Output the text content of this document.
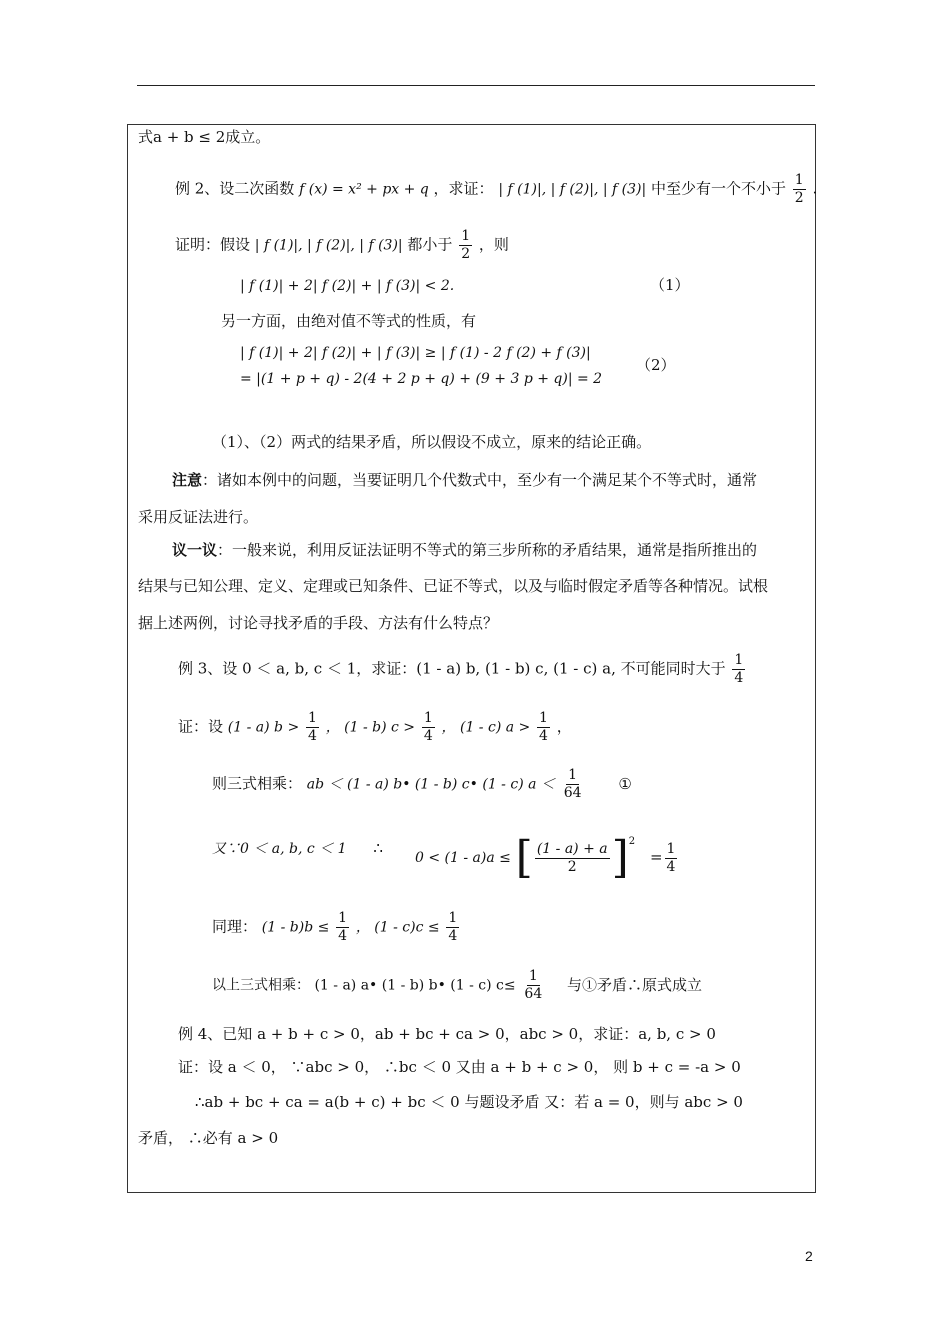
式a + b ≤ 2成立。
例 2、设二次函数 f (x) = x² + px + q ，求证： | f (1)|, | f (2)|, | f (3)| 中至少有一个不小于 $\frac{1}{2}$ .
证明：假设 | f (1)|, | f (2)|, | f (3)| 都小于 $\frac{1}{2}$ ，则
| f (1)| + 2| f (2)| + | f (3)| < 2.	（1）
另一方面，由绝对值不等式的性质，有
| f (1)| + 2| f (2)| + | f (3)| ≥ | f (1) - 2 f (2) + f (3)|
= |(1 + p + q) - 2(4 + 2 p + q) + (9 + 3 p + q)| = 2
（2）
（1）、（2）两式的结果矛盾，所以假设不成立，原来的结论正确。
注意：诸如本例中的问题，当要证明几个代数式中，至少有一个满足某个不等式时，通常
采用反证法进行。
议一议：一般来说，利用反证法证明不等式的第三步所称的矛盾结果，通常是指所推出的
结果与已知公理、定义、定理或已知条件、已证不等式，以及与临时假定矛盾等各种情况。试根
据上述两例，讨论寻找矛盾的手段、方法有什么特点？
例 3、设 0 ＜ a, b, c ＜ 1，求证：(1 - a) b, (1 - b) c, (1 - c) a, 不可能同时大于 $\frac{1}{4}$
证：设 (1 - a) $b > \frac{1}{4}$ ， (1 - b) $c > \frac{1}{4}$ ， (1 - c) $a > \frac{1}{4}$ ，
则三式相乘： ab ＜ (1 - a) b• (1 - b) c• (1 - c) $a < \frac{1}{64}$ ①
又∵0 ＜ a, b, c ＜ 1 ∴
0 < (1 - a)a ≤ [ $\frac{(1 - a) + a}{2} ]^2 = \frac{1}{4}$
同理： $(1 - b)b \le \frac{1}{4}$ ， $(1 - c)c \le \frac{1}{4}$
以上三式相乘： (1 - a) a• (1 - b) b• (1 - c) $c\le \frac{1}{64}$ 与①矛盾∴原式成立
例 4、已知 a + b + c > 0，ab + bc + ca > 0，abc > 0，求证：a, b, c > 0
证：设 a ＜ 0， ∵abc > 0， ∴bc ＜ 0 又由 a + b + c > 0， 则 b + c = -a > 0
∴ab + bc + ca = a(b + c) + bc ＜ 0 与题设矛盾 又：若 a = 0，则与 abc > 0
矛盾， ∴必有 a > 0
2
